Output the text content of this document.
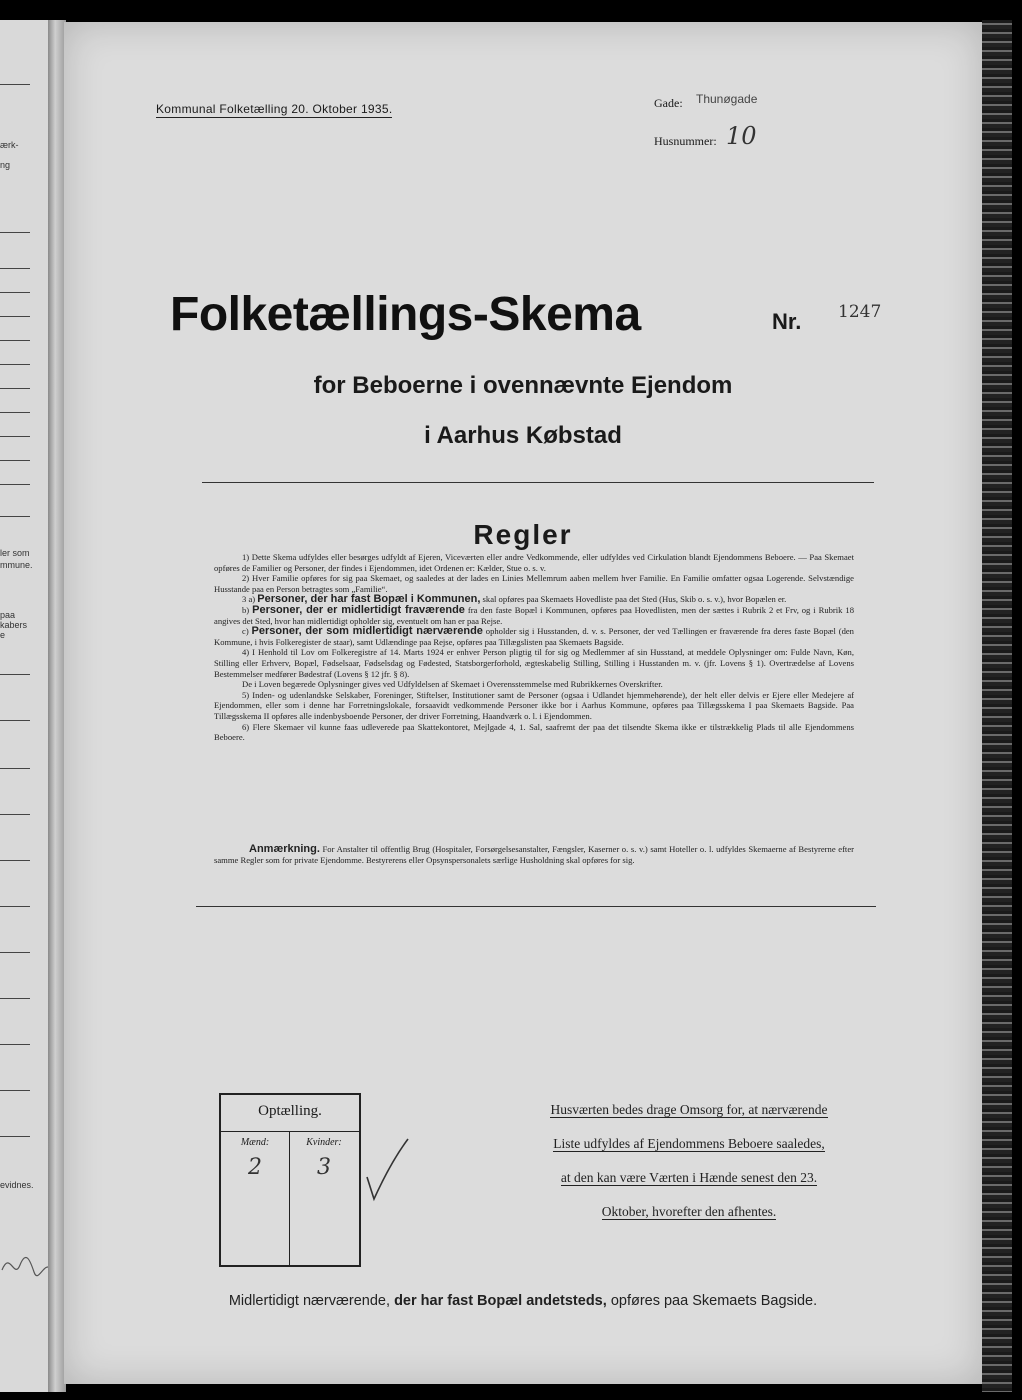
ærk-
ng
ler som
mmune.
paa
kabers
e
evidnes.
Kommunal Folketælling 20. Oktober 1935.	Gade: Thunøgade
Husnummer: 10
Folketællings-Skema	Nr. 1247
for Beboerne i ovennævnte Ejendom
i Aarhus Købstad
Regler

1) Dette Skema udfyldes eller besørges udfyldt af Ejeren, Viceværten eller andre Vedkommende, eller udfyldes ved Cirkulation blandt Ejendommens Beboere. — Paa Skemaet opføres de Familier og Personer, der findes i Ejendommen, idet Ordenen er: Kælder, Stue o. s. v.

2) Hver Familie opføres for sig paa Skemaet, og saaledes at der lades en Linies Mellemrum aaben mellem hver Familie. En Familie omfatter ogsaa Logerende. Selvstændige Husstande paa en Person betragtes som „Familie“.

3 a) Personer, der har fast Bopæl i Kommunen, skal opføres paa Skemaets Hovedliste paa det Sted (Hus, Skib o. s. v.), hvor Bopælen er.

b) Personer, der er midlertidigt fraværende fra den faste Bopæl i Kommunen, opføres paa Hovedlisten, men der sættes i Rubrik 2 et Frv, og i Rubrik 18 angives det Sted, hvor han midlertidigt opholder sig, eventuelt om han er paa Rejse.

c) Personer, der som midlertidigt nærværende opholder sig i Husstanden, d. v. s. Personer, der ved Tællingen er fraværende fra deres faste Bopæl (den Kommune, i hvis Folkeregister de staar), samt Udlændinge paa Rejse, opføres paa Tillægslisten paa Skemaets Bagside.

4) I Henhold til Lov om Folkeregistre af 14. Marts 1924 er enhver Person pligtig til for sig og Medlemmer af sin Husstand, at meddele Oplysninger om: Fulde Navn, Køn, Stilling eller Erhverv, Bopæl, Fødselsaar, Fødselsdag og Fødested, Statsborgerforhold, ægteskabelig Stilling, Stilling i Husstanden m. v. (jfr. Lovens § 1). Overtrædelse af Lovens Bestemmelser medfører Bødestraf (Lovens § 12 jfr. § 8).

De i Loven begærede Oplysninger gives ved Udfyldelsen af Skemaet i Overensstemmelse med Rubrikkernes Overskrifter.

5) Inden- og udenlandske Selskaber, Foreninger, Stiftelser, Institutioner samt de Personer (ogsaa i Udlandet hjemmehørende), der helt eller delvis er Ejere eller Medejere af Ejendommen, eller som i denne har Forretningslokale, forsaavidt vedkommende Personer ikke bor i Aarhus Kommune, opføres paa Tillægsskema I paa Skemaets Bagside. Paa Tillægsskema II opføres alle indenbysboende Personer, der driver Forretning, Haandværk o. l. i Ejendommen.

6) Flere Skemaer vil kunne faas udleverede paa Skattekontoret, Mejlgade 4, 1. Sal, saafremt der paa det tilsendte Skema ikke er tilstrækkelig Plads til alle Ejendommens Beboere.

Anmærkning. For Anstalter til offentlig Brug (Hospitaler, Forsørgelsesanstalter, Fængsler, Kaserner o. s. v.) samt Hoteller o. l. udfyldes Skemaerne af Bestyrerne efter samme Regler som for private Ejendomme. Bestyrerens eller Opsynspersonalets særlige Husholdning skal opføres for sig.
Optælling.
Mænd:	Kvinder:
2	3
Husværten bedes drage Omsorg for, at nærværende
Liste udfyldes af Ejendommens Beboere saaledes,
at den kan være Værten i Hænde senest den 23.
Oktober, hvorefter den afhentes.
Midlertidigt nærværende, der har fast Bopæl andetsteds, opføres paa Skemaets Bagside.
